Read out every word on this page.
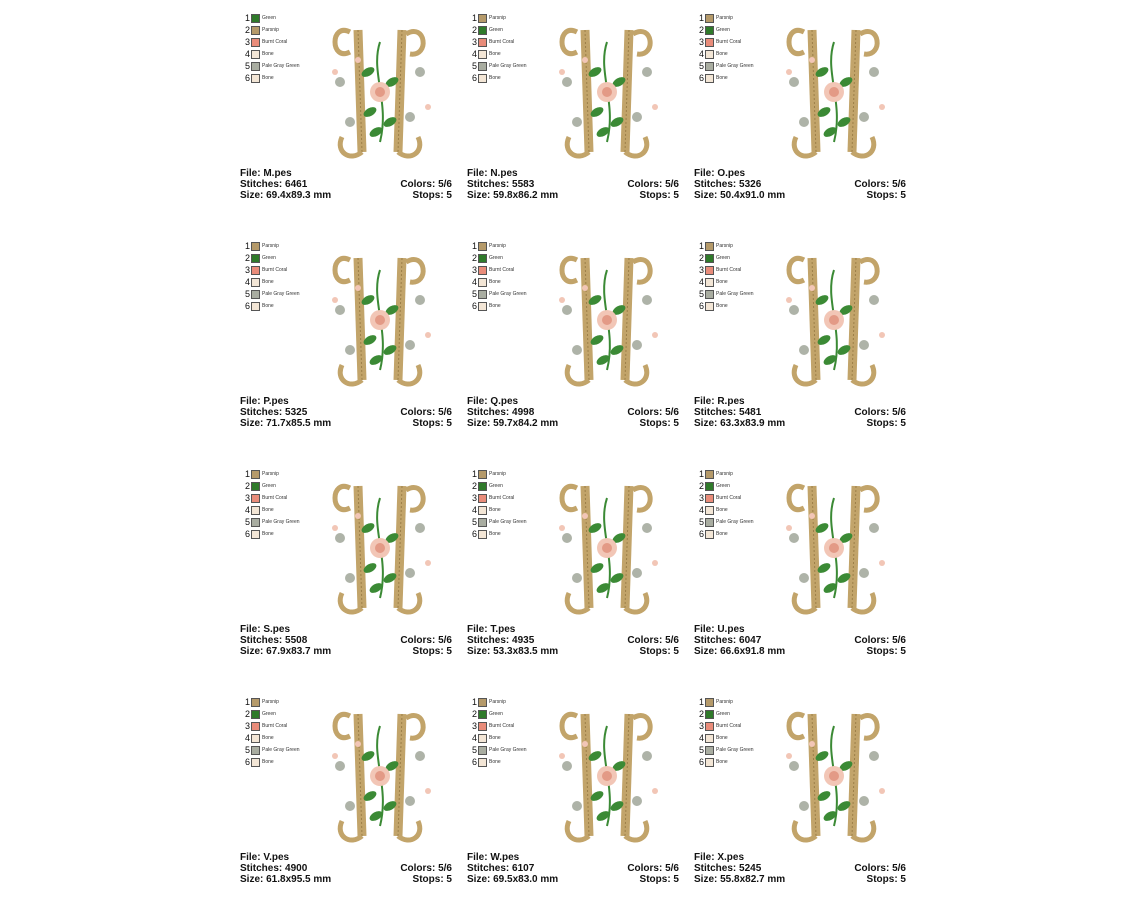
1 Green
2 Parsnip
3 Burnt Coral
4 Bone
5 Pale Gray Green
6 Bone
File: M.pes
Stitches: 6461	Colors: 5/6
Size: 69.4x89.3 mm	Stops: 5
1 Parsnip
2 Green
3 Burnt Coral
4 Bone
5 Pale Gray Green
6 Bone
File: N.pes
Stitches: 5583	Colors: 5/6
Size: 59.8x86.2 mm	Stops: 5
1 Parsnip
2 Green
3 Burnt Coral
4 Bone
5 Pale Gray Green
6 Bone
File: O.pes
Stitches: 5326	Colors: 5/6
Size: 50.4x91.0 mm	Stops: 5
1 Parsnip
2 Green
3 Burnt Coral
4 Bone
5 Pale Gray Green
6 Bone
File: P.pes
Stitches: 5325	Colors: 5/6
Size: 71.7x85.5 mm	Stops: 5
1 Parsnip
2 Green
3 Burnt Coral
4 Bone
5 Pale Gray Green
6 Bone
File: Q.pes
Stitches: 4998	Colors: 5/6
Size: 59.7x84.2 mm	Stops: 5
1 Parsnip
2 Green
3 Burnt Coral
4 Bone
5 Pale Gray Green
6 Bone
File: R.pes
Stitches: 5481	Colors: 5/6
Size: 63.3x83.9 mm	Stops: 5
1 Parsnip
2 Green
3 Burnt Coral
4 Bone
5 Pale Gray Green
6 Bone
File: S.pes
Stitches: 5508	Colors: 5/6
Size: 67.9x83.7 mm	Stops: 5
1 Parsnip
2 Green
3 Burnt Coral
4 Bone
5 Pale Gray Green
6 Bone
File: T.pes
Stitches: 4935	Colors: 5/6
Size: 53.3x83.5 mm	Stops: 5
1 Parsnip
2 Green
3 Burnt Coral
4 Bone
5 Pale Gray Green
6 Bone
File: U.pes
Stitches: 6047	Colors: 5/6
Size: 66.6x91.8 mm	Stops: 5
1 Parsnip
2 Green
3 Burnt Coral
4 Bone
5 Pale Gray Green
6 Bone
File: V.pes
Stitches: 4900	Colors: 5/6
Size: 61.8x95.5 mm	Stops: 5
1 Parsnip
2 Green
3 Burnt Coral
4 Bone
5 Pale Gray Green
6 Bone
File: W.pes
Stitches: 6107	Colors: 5/6
Size: 69.5x83.0 mm	Stops: 5
1 Parsnip
2 Green
3 Burnt Coral
4 Bone
5 Pale Gray Green
6 Bone
File: X.pes
Stitches: 5245	Colors: 5/6
Size: 55.8x82.7 mm	Stops: 5
